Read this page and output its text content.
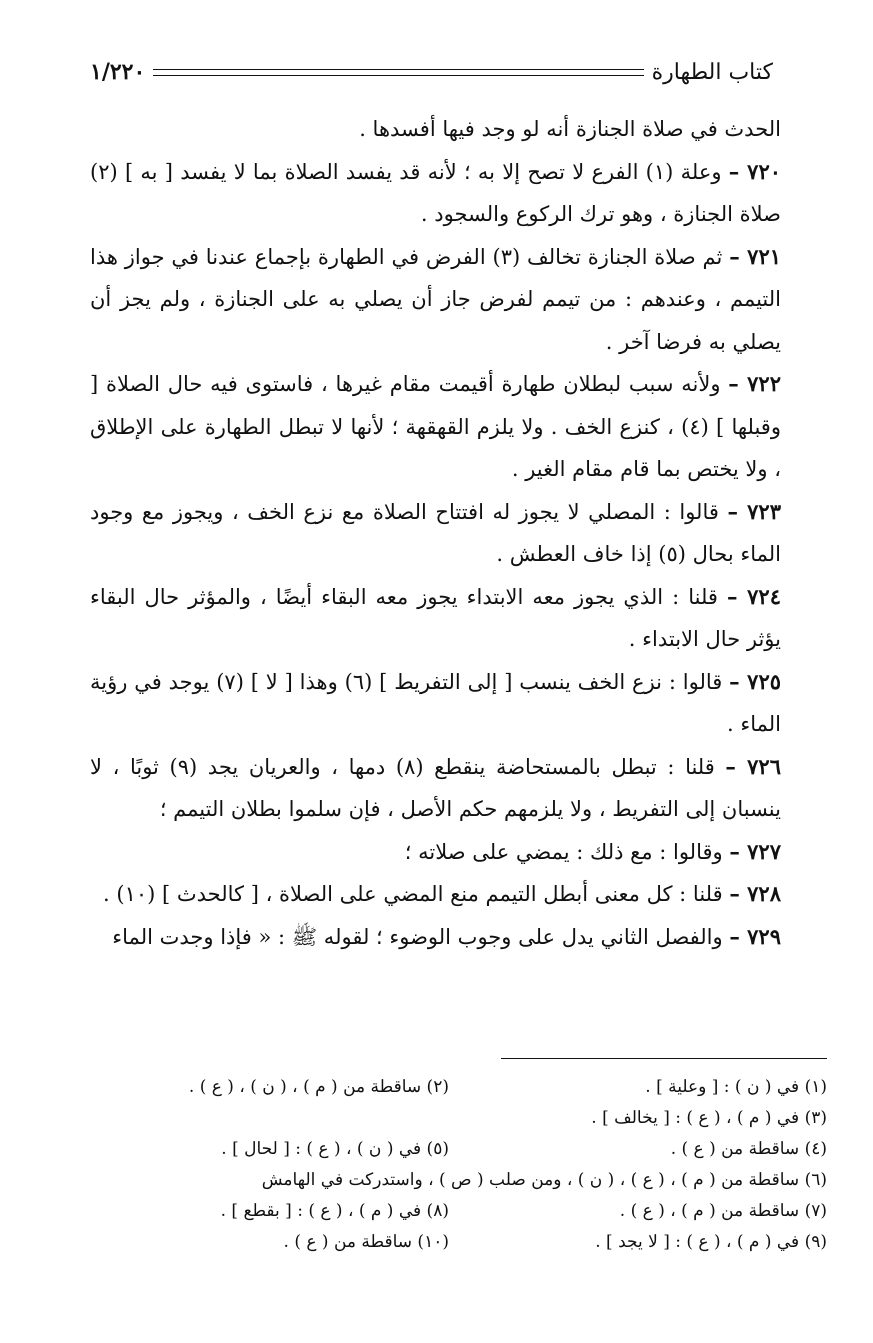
كتاب الطهارة
١/٢٢٠

الحدث في صلاة الجنازة أنه لو وجد فيها أفسدها .

٧٢٠ – وعلة (١) الفرع لا تصح إلا به ؛ لأنه قد يفسد الصلاة بما لا يفسد [ به ] (٢) صلاة الجنازة ، وهو ترك الركوع والسجود .

٧٢١ – ثم صلاة الجنازة تخالف (٣) الفرض في الطهارة بإجماع عندنا في جواز هذا التيمم ، وعندهم : من تيمم لفرض جاز أن يصلي به على الجنازة ، ولم يجز أن يصلي به فرضا آخر .

٧٢٢ – ولأنه سبب لبطلان طهارة أقيمت مقام غيرها ، فاستوى فيه حال الصلاة [ وقبلها ] (٤) ، كنزع الخف . ولا يلزم القهقهة ؛ لأنها لا تبطل الطهارة على الإطلاق ، ولا يختص بما قام مقام الغير .

٧٢٣ – قالوا : المصلي لا يجوز له افتتاح الصلاة مع نزع الخف ، ويجوز مع وجود الماء بحال (٥) إذا خاف العطش .

٧٢٤ – قلنا : الذي يجوز معه الابتداء يجوز معه البقاء أيضًا ، والمؤثر حال البقاء يؤثر حال الابتداء .

٧٢٥ – قالوا : نزع الخف ينسب [ إلى التفريط ] (٦) وهذا [ لا ] (٧) يوجد في رؤية الماء .

٧٢٦ – قلنا : تبطل بالمستحاضة ينقطع (٨) دمها ، والعريان يجد (٩) ثوبًا ، لا ينسبان إلى التفريط ، ولا يلزمهم حكم الأصل ، فإن سلموا بطلان التيمم ؛

٧٢٧ – وقالوا : مع ذلك : يمضي على صلاته ؛

٧٢٨ – قلنا : كل معنى أبطل التيمم منع المضي على الصلاة ، [ كالحدث ] (١٠) .

٧٢٩ – والفصل الثاني يدل على وجوب الوضوء ؛ لقوله ﷺ : « فإذا وجدت الماء

(١) في ( ن ) : [ وعلية ] .
(٢) ساقطة من ( م ) ، ( ن ) ، ( ع ) .
(٣) في ( م ) ، ( ع ) : [ يخالف ] .
(٤) ساقطة من ( ع ) .
(٥) في ( ن ) ، ( ع ) : [ لحال ] .
(٦) ساقطة من ( م ) ، ( ع ) ، ( ن ) ، ومن صلب ( ص ) ، واستدركت في الهامش
(٧) ساقطة من ( م ) ، ( ع ) .
(٨) في ( م ) ، ( ع ) : [ بقطع ] .
(٩) في ( م ) ، ( ع ) : [ لا يجد ] .
(١٠) ساقطة من ( ع ) .
